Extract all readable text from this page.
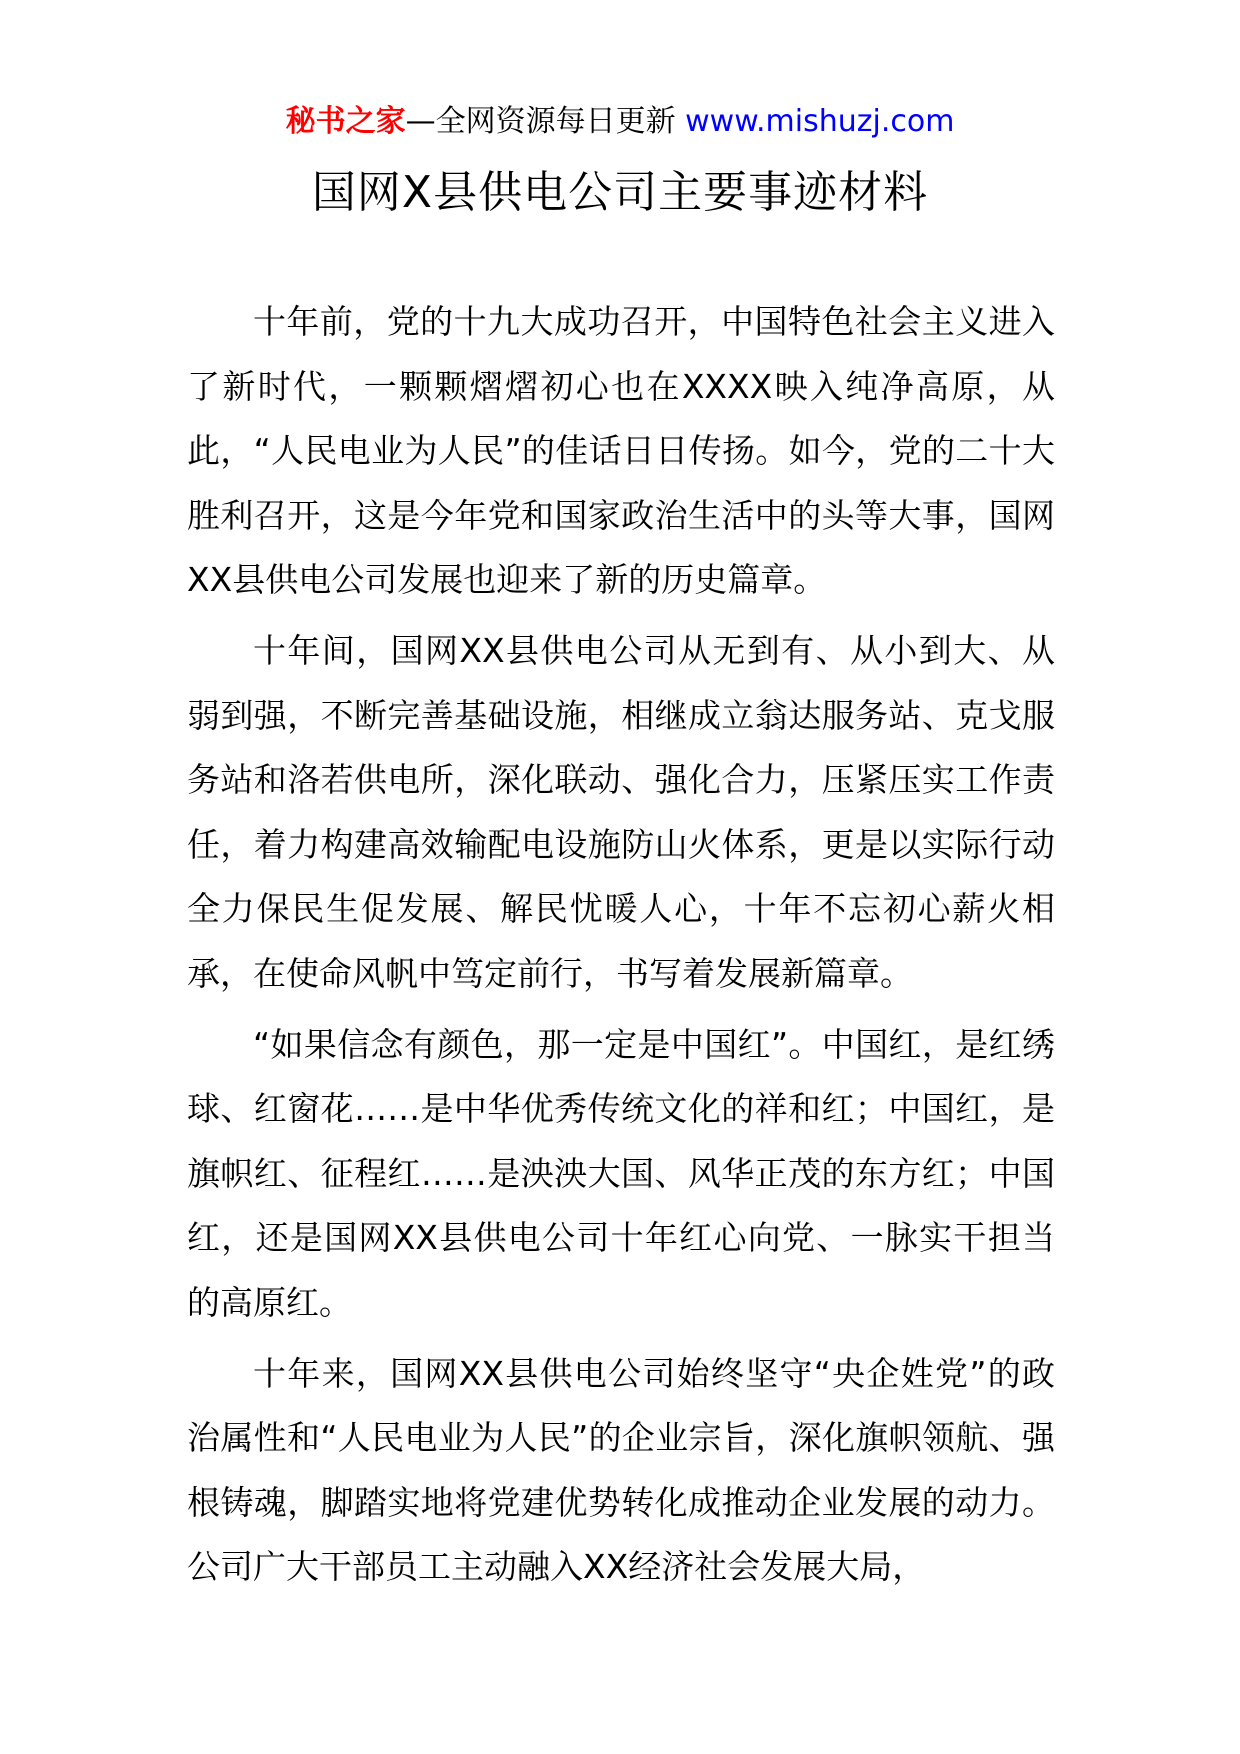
秘书之家—全网资源每日更新 www.mishuzj.com
国网X县供电公司主要事迹材料

十年前，党的十九大成功召开，中国特色社会主义进入了新时代，一颗颗熠熠初心也在XXXX映入纯净高原，从此，“人民电业为人民”的佳话日日传扬。如今，党的二十大胜利召开，这是今年党和国家政治生活中的头等大事，国网XX县供电公司发展也迎来了新的历史篇章。

十年间，国网XX县供电公司从无到有、从小到大、从弱到强，不断完善基础设施，相继成立翁达服务站、克戈服务站和洛若供电所，深化联动、强化合力，压紧压实工作责任，着力构建高效输配电设施防山火体系，更是以实际行动全力保民生促发展、解民忧暖人心，十年不忘初心薪火相承，在使命风帆中笃定前行，书写着发展新篇章。

“如果信念有颜色，那一定是中国红”。中国红，是红绣球、红窗花……是中华优秀传统文化的祥和红；中国红，是旗帜红、征程红……是泱泱大国、风华正茂的东方红；中国红，还是国网XX县供电公司十年红心向党、一脉实干担当的高原红。

十年来，国网XX县供电公司始终坚守“央企姓党”的政治属性和“人民电业为人民”的企业宗旨，深化旗帜领航、强根铸魂，脚踏实地将党建优势转化成推动企业发展的动力。公司广大干部员工主动融入XX经济社会发展大局，
